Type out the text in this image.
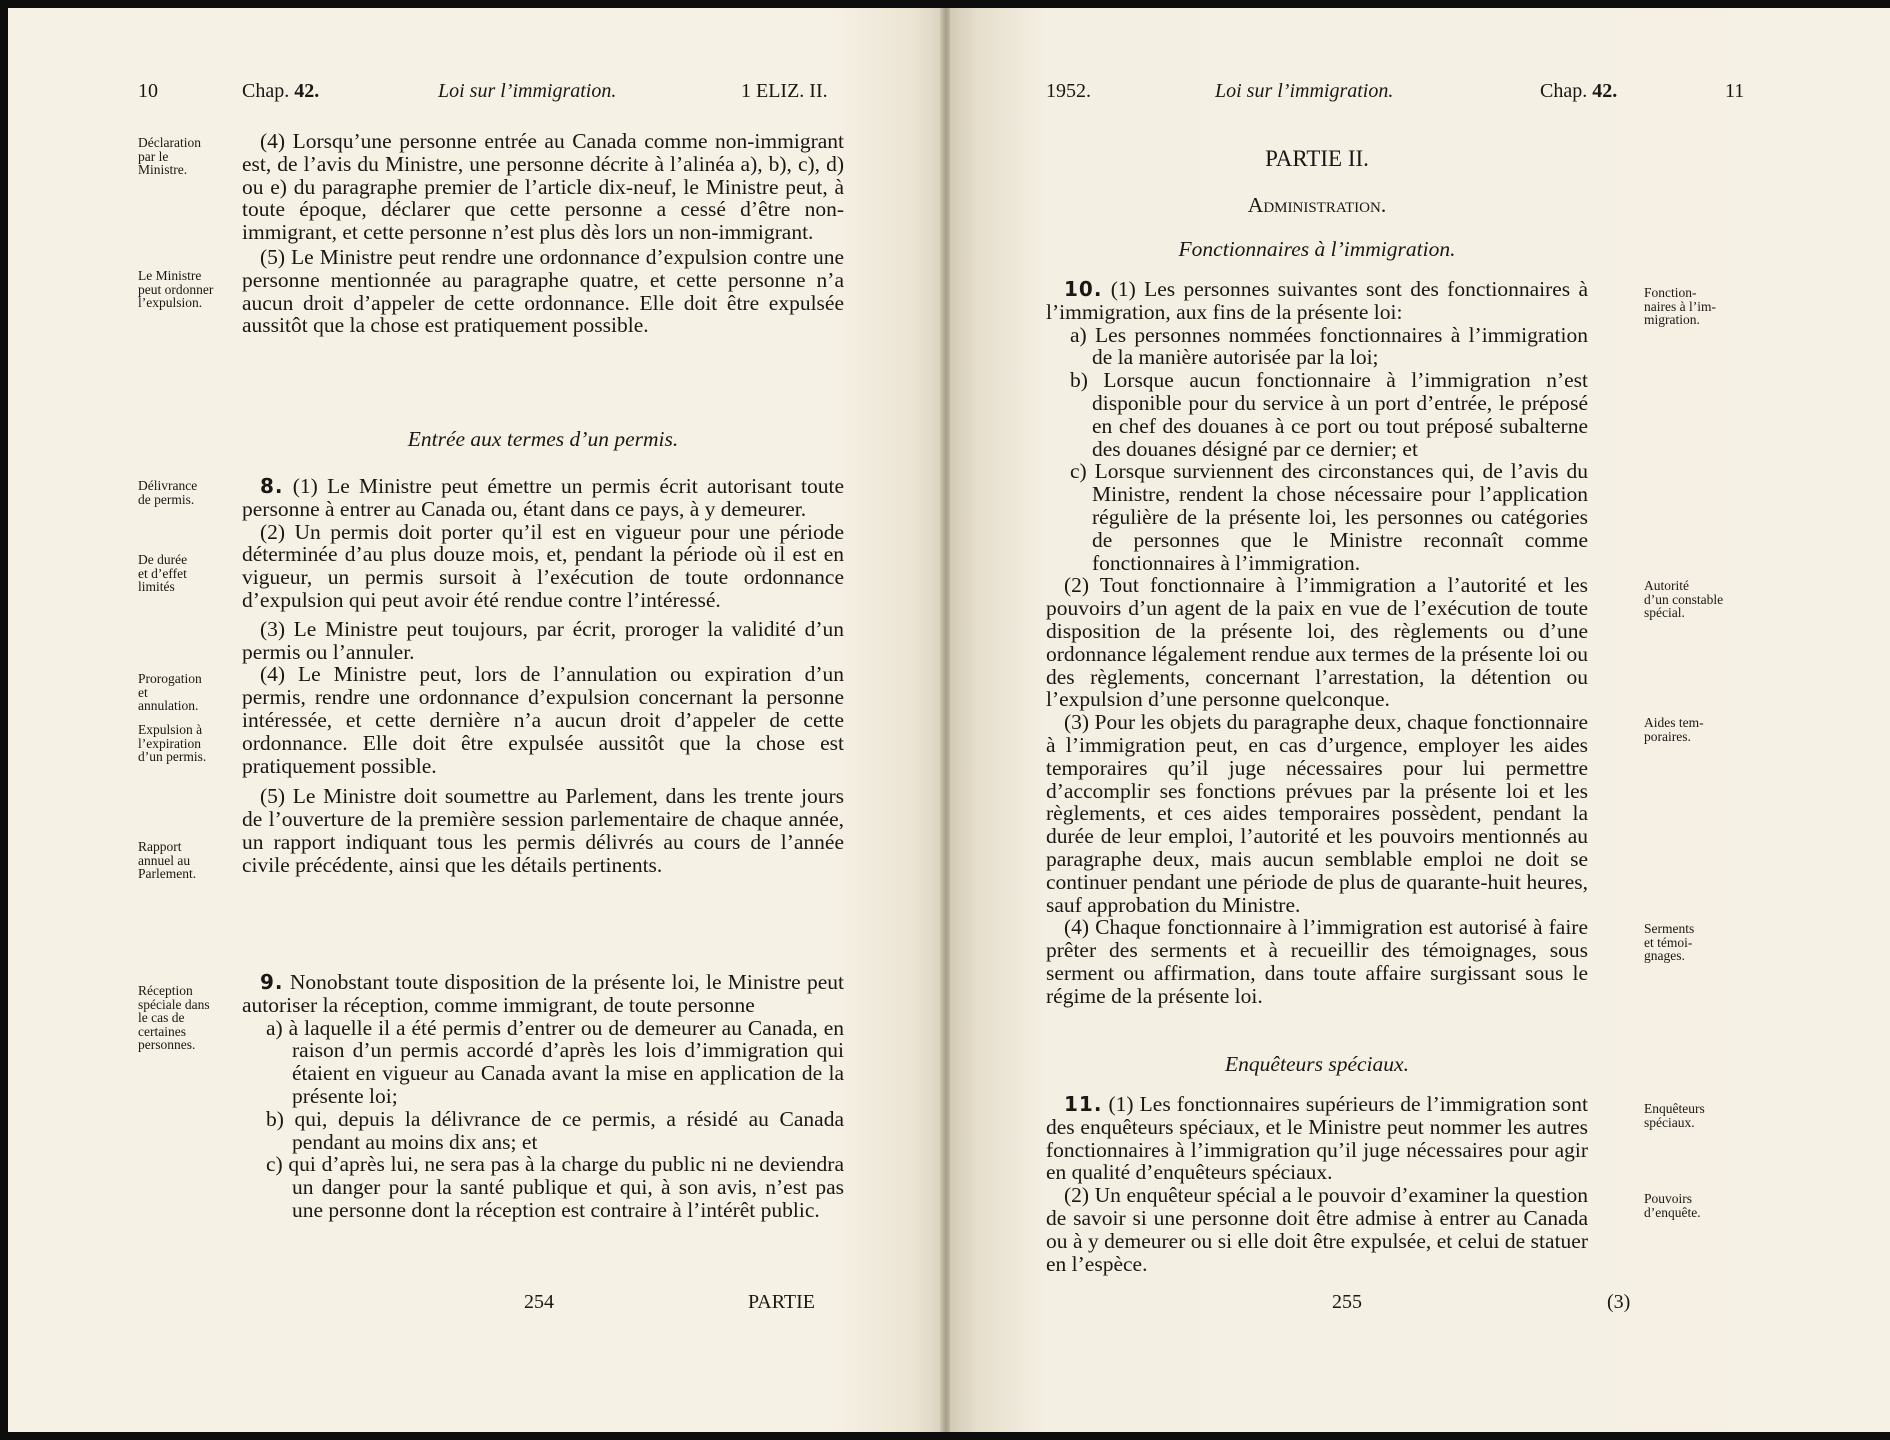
10	Chap. 42.	Loi sur l’immigration.	1 ELIZ. II.
Déclaration
par le
Ministre.
Le Ministre
peut ordonner
l’expulsion.
Délivrance
de permis.
De durée
et d’effet
limités
Prorogation
et
annulation.
Expulsion à
l’expiration
d’un permis.
Rapport
annuel au
Parlement.
Réception
spéciale dans
le cas de
certaines
personnes.

(4) Lorsqu’une personne entrée au Canada comme non-immigrant est, de l’avis du Ministre, une personne décrite à l’alinéa a), b), c), d) ou e) du paragraphe premier de l’article dix-neuf, le Ministre peut, à toute époque, déclarer que cette personne a cessé d’être non-immigrant, et cette personne n’est plus dès lors un non-immigrant.

(5) Le Ministre peut rendre une ordonnance d’expulsion contre une personne mentionnée au paragraphe quatre, et cette personne n’a aucun droit d’appeler de cette ordonnance. Elle doit être expulsée aussitôt que la chose est pratiquement possible.

Entrée aux termes d’un permis.

8. (1) Le Ministre peut émettre un permis écrit autorisant toute personne à entrer au Canada ou, étant dans ce pays, à y demeurer.

(2) Un permis doit porter qu’il est en vigueur pour une période déterminée d’au plus douze mois, et, pendant la période où il est en vigueur, un permis sursoit à l’exécution de toute ordonnance d’expulsion qui peut avoir été rendue contre l’intéressé.

(3) Le Ministre peut toujours, par écrit, proroger la validité d’un permis ou l’annuler.

(4) Le Ministre peut, lors de l’annulation ou expiration d’un permis, rendre une ordonnance d’expulsion concernant la personne intéressée, et cette dernière n’a aucun droit d’appeler de cette ordonnance. Elle doit être expulsée aussitôt que la chose est pratiquement possible.

(5) Le Ministre doit soumettre au Parlement, dans les trente jours de l’ouverture de la première session parlementaire de chaque année, un rapport indiquant tous les permis délivrés au cours de l’année civile précédente, ainsi que les détails pertinents.

9. Nonobstant toute disposition de la présente loi, le Ministre peut autoriser la réception, comme immigrant, de toute personne

a) à laquelle il a été permis d’entrer ou de demeurer au Canada, en raison d’un permis accordé d’après les lois d’immigration qui étaient en vigueur au Canada avant la mise en application de la présente loi;

b) qui, depuis la délivrance de ce permis, a résidé au Canada pendant au moins dix ans; et

c) qui d’après lui, ne sera pas à la charge du public ni ne deviendra un danger pour la santé publique et qui, à son avis, n’est pas une personne dont la réception est contraire à l’intérêt public.

254	PARTIE
1952.	Loi sur l’immigration.	Chap. 42.	11

PARTIE II.

Administration.

Fonctionnaires à l’immigration.

Fonction-
naires à l’im-
migration.
Autorité
d’un constable
spécial.
Aides tem-
poraires.
Serments
et témoi-
gnages.
Enquêteurs
spéciaux.
Pouvoirs
d’enquête.

10. (1) Les personnes suivantes sont des fonctionnaires à l’immigration, aux fins de la présente loi:

a) Les personnes nommées fonctionnaires à l’immigration de la manière autorisée par la loi;

b) Lorsque aucun fonctionnaire à l’immigration n’est disponible pour du service à un port d’entrée, le préposé en chef des douanes à ce port ou tout préposé subalterne des douanes désigné par ce dernier; et

c) Lorsque surviennent des circonstances qui, de l’avis du Ministre, rendent la chose nécessaire pour l’application régulière de la présente loi, les personnes ou catégories de personnes que le Ministre reconnaît comme fonctionnaires à l’immigration.

(2) Tout fonctionnaire à l’immigration a l’autorité et les pouvoirs d’un agent de la paix en vue de l’exécution de toute disposition de la présente loi, des règlements ou d’une ordonnance légalement rendue aux termes de la présente loi ou des règlements, concernant l’arrestation, la détention ou l’expulsion d’une personne quelconque.

(3) Pour les objets du paragraphe deux, chaque fonctionnaire à l’immigration peut, en cas d’urgence, employer les aides temporaires qu’il juge nécessaires pour lui permettre d’accomplir ses fonctions prévues par la présente loi et les règlements, et ces aides temporaires possèdent, pendant la durée de leur emploi, l’autorité et les pouvoirs mentionnés au paragraphe deux, mais aucun semblable emploi ne doit se continuer pendant une période de plus de quarante-huit heures, sauf approbation du Ministre.

(4) Chaque fonctionnaire à l’immigration est autorisé à faire prêter des serments et à recueillir des témoignages, sous serment ou affirmation, dans toute affaire surgissant sous le régime de la présente loi.

Enquêteurs spéciaux.

11. (1) Les fonctionnaires supérieurs de l’immigration sont des enquêteurs spéciaux, et le Ministre peut nommer les autres fonctionnaires à l’immigration qu’il juge nécessaires pour agir en qualité d’enquêteurs spéciaux.

(2) Un enquêteur spécial a le pouvoir d’examiner la question de savoir si une personne doit être admise à entrer au Canada ou à y demeurer ou si elle doit être expulsée, et celui de statuer en l’espèce.

255	(3)
